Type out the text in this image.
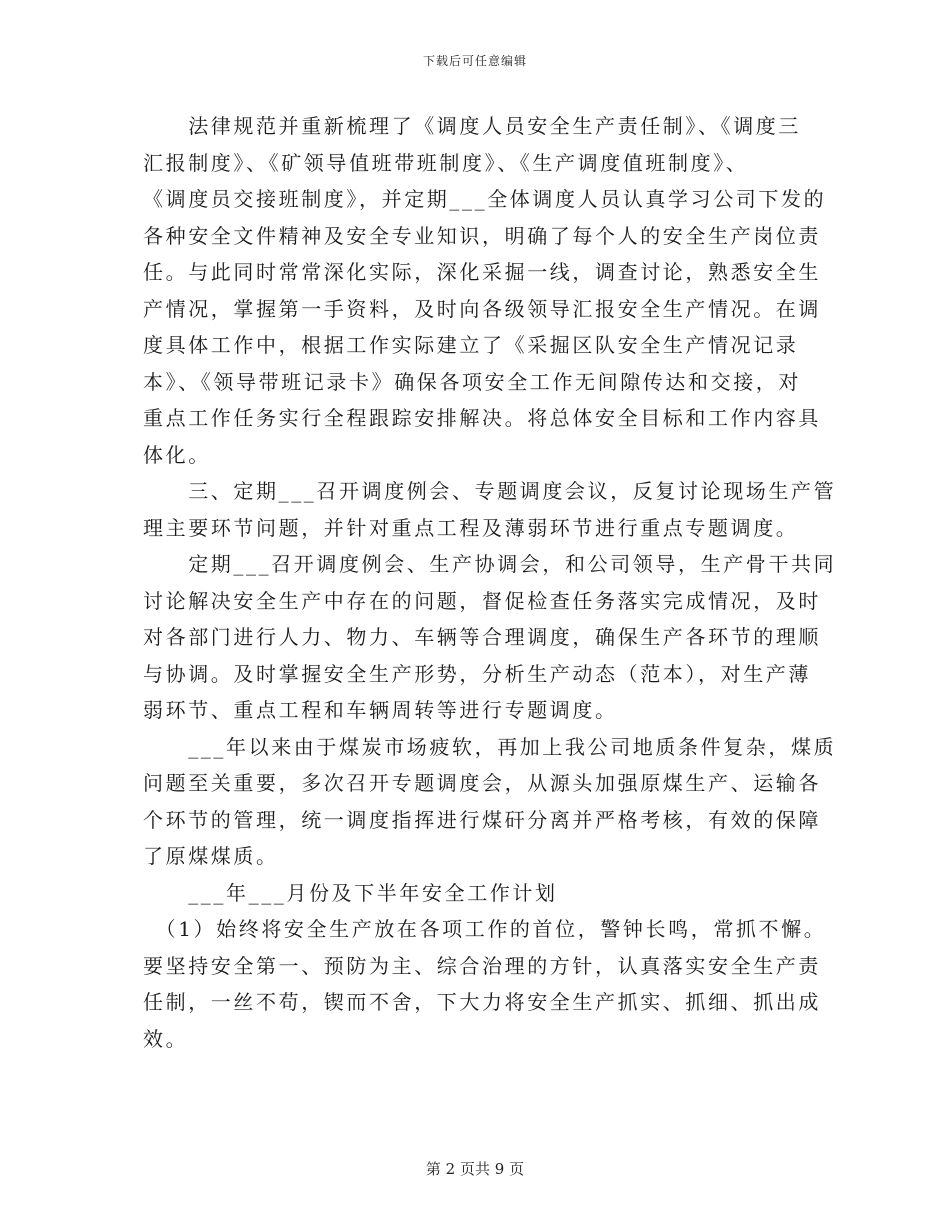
下载后可任意编辑
　　法律规范并重新梳理了《调度人员安全生产责任制》、《调度三
汇报制度》、《矿领导值班带班制度》、《生产调度值班制度》、
《调度员交接班制度》，并定期___全体调度人员认真学习公司下发的
各种安全文件精神及安全专业知识，明确了每个人的安全生产岗位责
任。与此同时常常深化实际，深化采掘一线，调查讨论，熟悉安全生
产情况，掌握第一手资料，及时向各级领导汇报安全生产情况。在调
度具体工作中，根据工作实际建立了《采掘区队安全生产情况记录
本》、《领导带班记录卡》确保各项安全工作无间隙传达和交接，对
重点工作任务实行全程跟踪安排解决。将总体安全目标和工作内容具
体化。
　　三、定期___召开调度例会、专题调度会议，反复讨论现场生产管
理主要环节问题，并针对重点工程及薄弱环节进行重点专题调度。
　　定期___召开调度例会、生产协调会，和公司领导，生产骨干共同
讨论解决安全生产中存在的问题，督促检查任务落实完成情况，及时
对各部门进行人力、物力、车辆等合理调度，确保生产各环节的理顺
与协调。及时掌握安全生产形势，分析生产动态（范本），对生产薄
弱环节、重点工程和车辆周转等进行专题调度。
　　___年以来由于煤炭市场疲软，再加上我公司地质条件复杂，煤质
问题至关重要，多次召开专题调度会，从源头加强原煤生产、运输各
个环节的管理，统一调度指挥进行煤矸分离并严格考核，有效的保障
了原煤煤质。
　　___年___月份及下半年安全工作计划
　（1）始终将安全生产放在各项工作的首位，警钟长鸣，常抓不懈。
要坚持安全第一、预防为主、综合治理的方针，认真落实安全生产责
任制，一丝不苟，锲而不舍，下大力将安全生产抓实、抓细、抓出成
效。
第 2 页共 9 页
